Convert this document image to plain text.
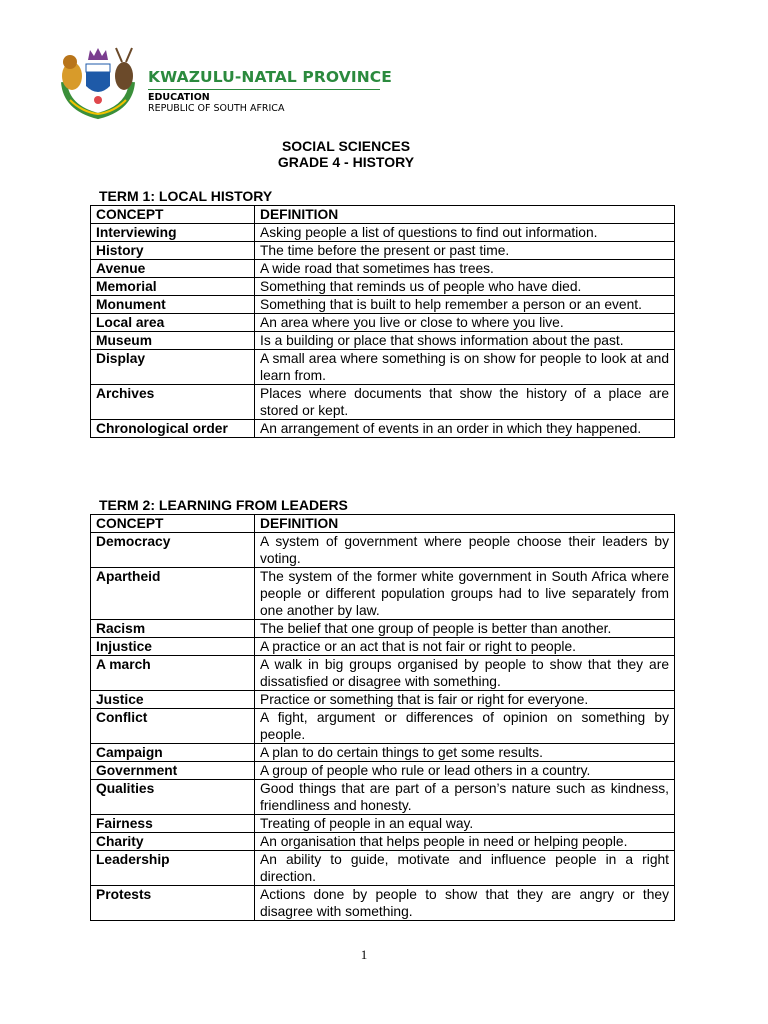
KWAZULU-NATAL PROVINCE
EDUCATION
REPUBLIC OF SOUTH AFRICA
SOCIAL SCIENCES
GRADE 4 - HISTORY
TERM 1: LOCAL HISTORY
CONCEPT	DEFINITION
Interviewing	Asking people a list of questions to find out information.
History	The time before the present or past time.
Avenue	A wide road that sometimes has trees.
Memorial	Something that reminds us of people who have died.
Monument	Something that is built to help remember a person or an event.
Local area	An area where you live or close to where you live.
Museum	Is a building or place that shows information about the past.
Display	A small area where something is on show for people to look at and learn from.
Archives	Places where documents that show the history of a place are stored or kept.
Chronological order	An arrangement of events in an order in which they happened.
TERM 2: LEARNING FROM LEADERS
CONCEPT	DEFINITION
Democracy	A system of government where people choose their leaders by voting.
Apartheid	The system of the former white government in South Africa where people or different population groups had to live separately from one another by law.
Racism	The belief that one group of people is better than another.
Injustice	A practice or an act that is not fair or right to people.
A march	A walk in big groups organised by people to show that they are dissatisfied or disagree with something.
Justice	Practice or something that is fair or right for everyone.
Conflict	A fight, argument or differences of opinion on something by people.
Campaign	A plan to do certain things to get some results.
Government	A group of people who rule or lead others in a country.
Qualities	Good things that are part of a person’s nature such as kindness, friendliness and honesty.
Fairness	Treating of people in an equal way.
Charity	An organisation that helps people in need or helping people.
Leadership	An ability to guide, motivate and influence people in a right direction.
Protests	Actions done by people to show that they are angry or they disagree with something.
1
